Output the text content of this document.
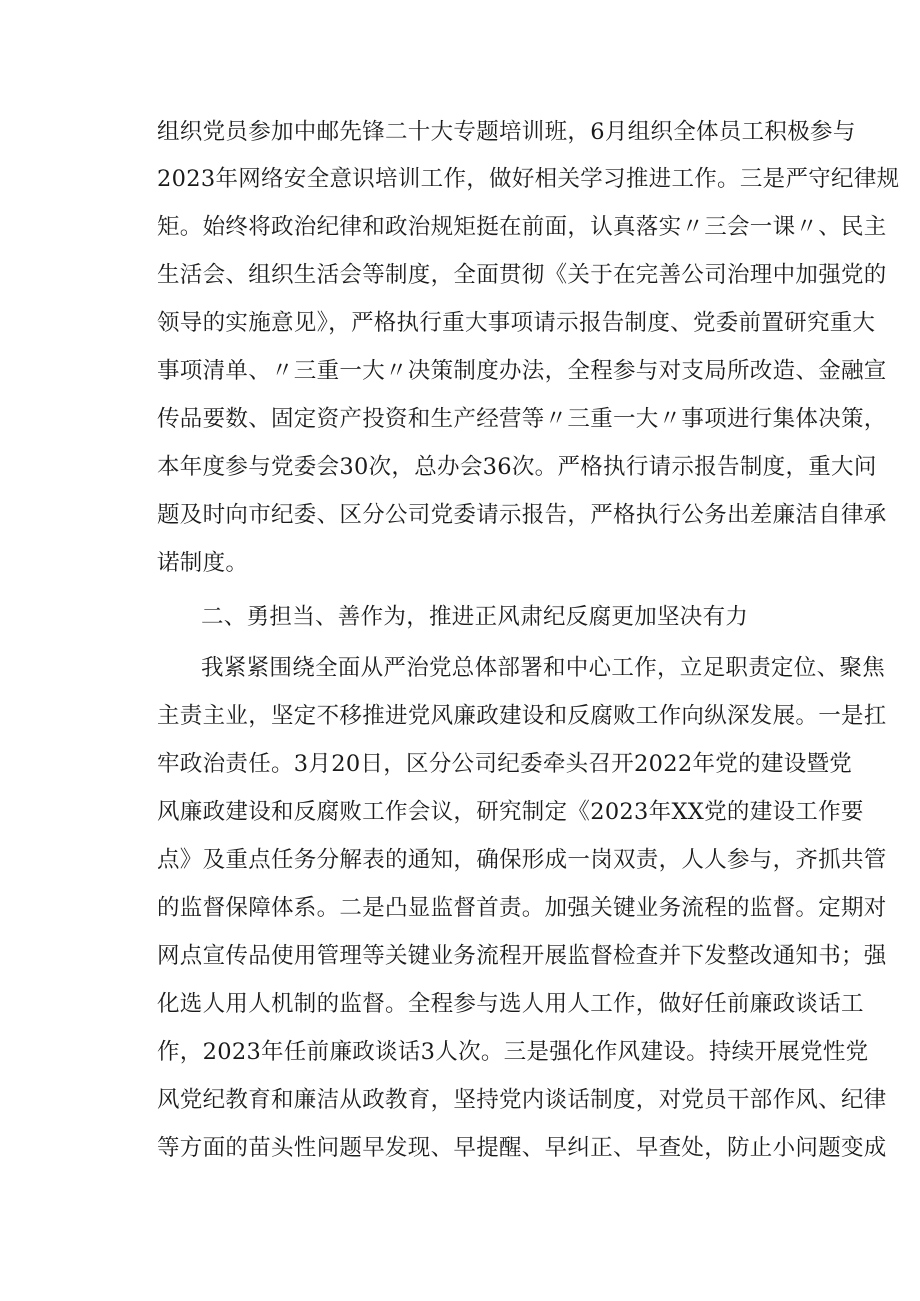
组织党员参加中邮先锋二十大专题培训班，6月组织全体员工积极参与
2023年网络安全意识培训工作，做好相关学习推进工作。三是严守纪律规
矩。始终将政治纪律和政治规矩挺在前面，认真落实〃三会一课〃、民主
生活会、组织生活会等制度，全面贯彻《关于在完善公司治理中加强党的
领导的实施意见》，严格执行重大事项请示报告制度、党委前置研究重大
事项清单、〃三重一大〃决策制度办法，全程参与对支局所改造、金融宣
传品要数、固定资产投资和生产经营等〃三重一大〃事项进行集体决策，
本年度参与党委会30次，总办会36次。严格执行请示报告制度，重大问
题及时向市纪委、区分公司党委请示报告，严格执行公务出差廉洁自律承
诺制度。
二、勇担当、善作为，推进正风肃纪反腐更加坚决有力
我紧紧围绕全面从严治党总体部署和中心工作，立足职责定位、聚焦
主责主业，坚定不移推进党风廉政建设和反腐败工作向纵深发展。一是扛
牢政治责任。3月20日，区分公司纪委牵头召开2022年党的建设暨党
风廉政建设和反腐败工作会议，研究制定《2023年XX党的建设工作要
点》及重点任务分解表的通知，确保形成一岗双责，人人参与，齐抓共管
的监督保障体系。二是凸显监督首责。加强关键业务流程的监督。定期对
网点宣传品使用管理等关键业务流程开展监督检查并下发整改通知书；强
化选人用人机制的监督。全程参与选人用人工作，做好任前廉政谈话工
作，2023年任前廉政谈话3人次。三是强化作风建设。持续开展党性党
风党纪教育和廉洁从政教育，坚持党内谈话制度，对党员干部作风、纪律
等方面的苗头性问题早发现、早提醒、早纠正、早查处，防止小问题变成
